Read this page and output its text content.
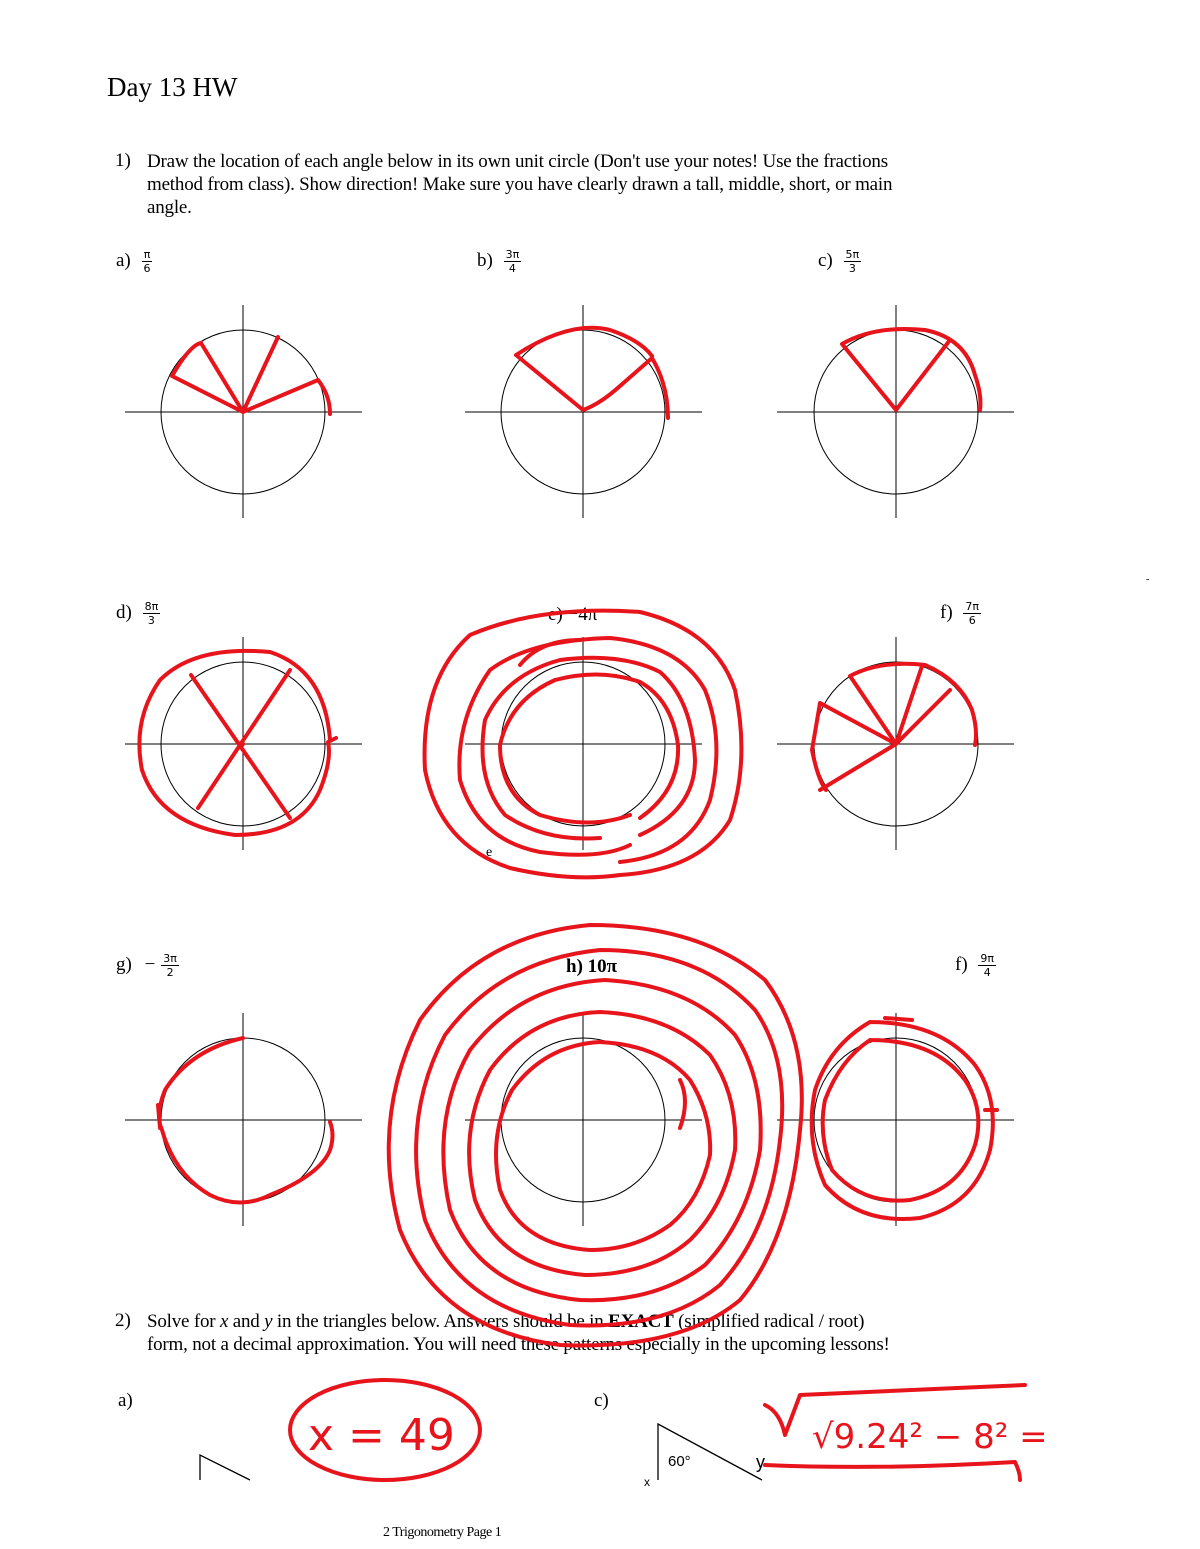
Day 13 HW
1) Draw the location of each angle below in its own unit circle (Don't use your notes! Use the fractions
method from class). Show direction! Make sure you have clearly drawn a tall, middle, short, or main
angle.
$a) \frac{\pi}{6}$	$b) \frac{3\pi}{4}$	$c) \frac{5\pi}{3}$
$d) \frac{8\pi}{3}$	e) −4π	$f) \frac{7\pi}{6}$
$g) - \frac{3\pi}{2}$	h) 10π	$f) \frac{9\pi}{4}$
e
-
2) Solve for x and y in the triangles below. Answers should be in EXACT (simplified radical / root)
form, not a decimal approximation. You will need these patterns especially in the upcoming lessons!
a)	c)
2 Trigonometry Page 1
60°	y
x
x = 49	√9.24² − 8² =
